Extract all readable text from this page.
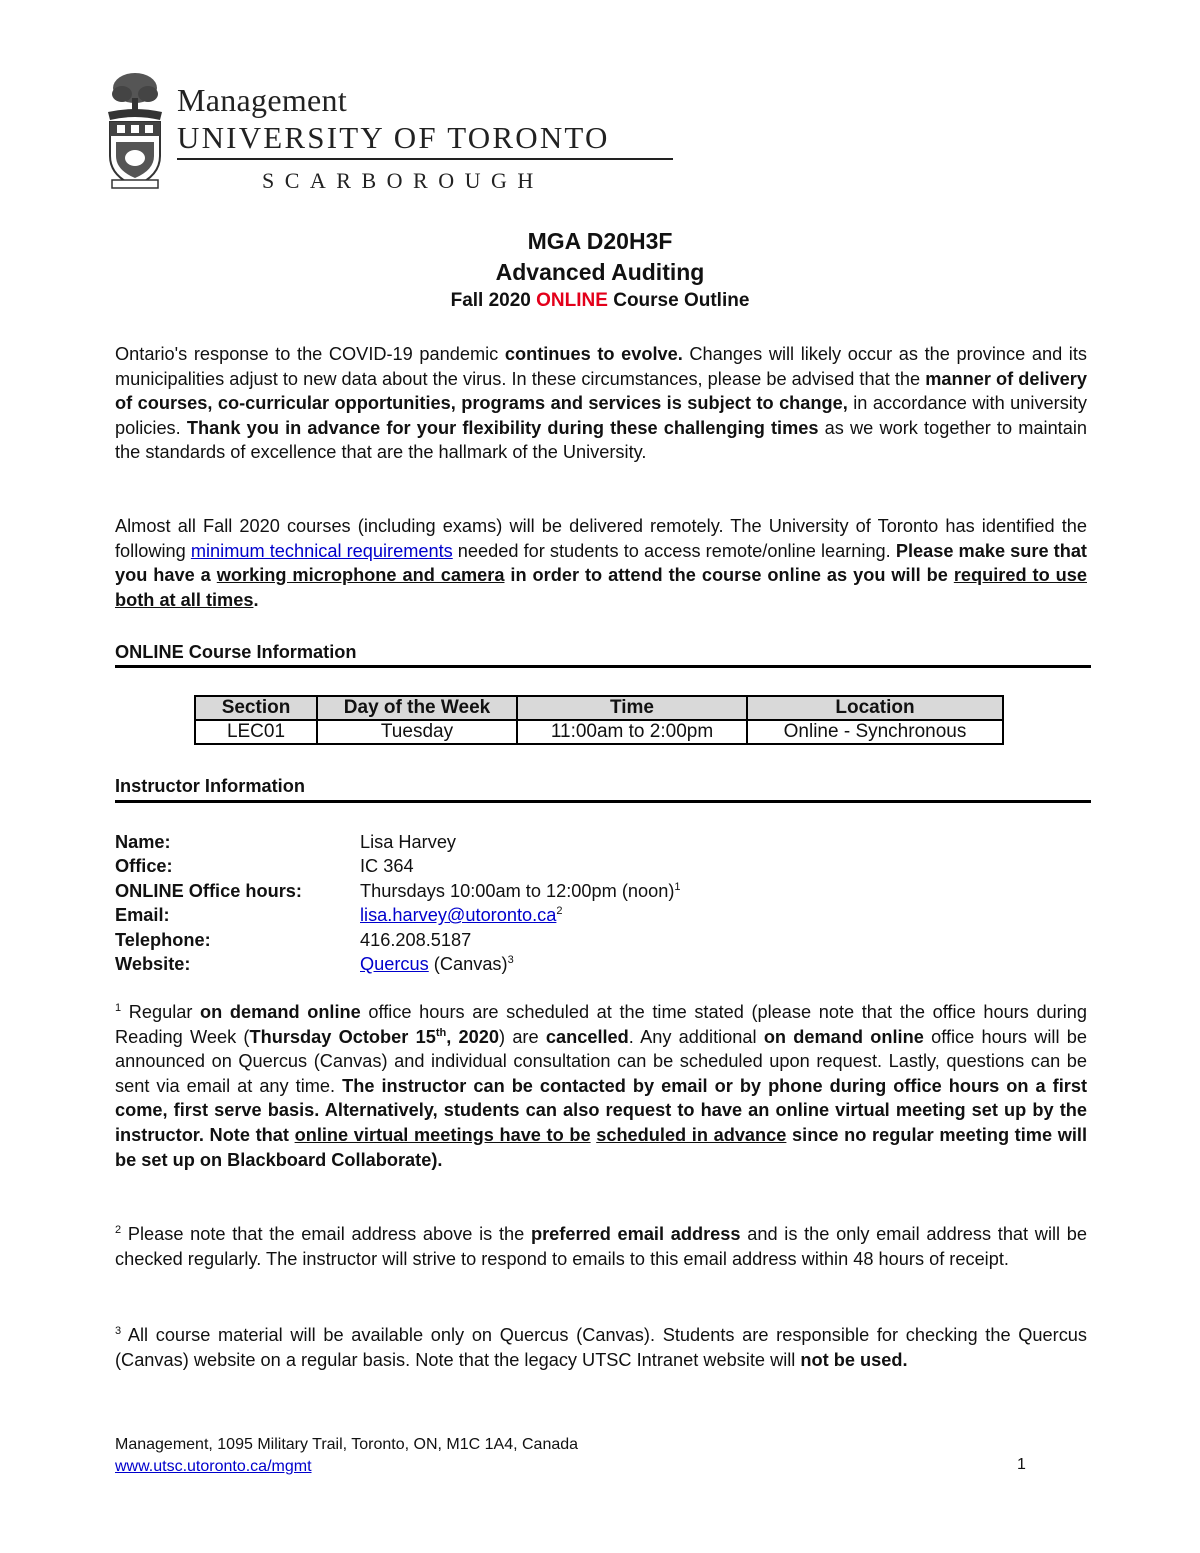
Management
UNIVERSITY OF TORONTO
SCARBOROUGH
MGA D20H3F
Advanced Auditing
Fall 2020 ONLINE Course Outline

Ontario's response to the COVID-19 pandemic continues to evolve. Changes will likely occur as the province and its municipalities adjust to new data about the virus. In these circumstances, please be advised that the manner of delivery of courses, co-curricular opportunities, programs and services is subject to change, in accordance with university policies. Thank you in advance for your flexibility during these challenging times as we work together to maintain the standards of excellence that are the hallmark of the University.

Almost all Fall 2020 courses (including exams) will be delivered remotely. The University of Toronto has identified the following minimum technical requirements needed for students to access remote/online learning. Please make sure that you have a working microphone and camera in order to attend the course online as you will be required to use both at all times.

ONLINE Course Information
Section	Day of the Week	Time	Location
LEC01	Tuesday	11:00am to 2:00pm	Online - Synchronous
Instructor Information
Name:	Lisa Harvey
Office:	IC 364
ONLINE Office hours:	Thursdays 10:00am to 12:00pm (noon)$^1$
Email:	$lisa.harvey@utoronto.ca^2$
Telephone:	416.208.5187
Website:	Quercus (Canvas)$^3$

$^1$ Regular on demand online office hours are scheduled at the time stated (please note that the office hours during Reading Week (Thursday October 15th, 2020) are cancelled. Any additional on demand online office hours will be announced on Quercus (Canvas) and individual consultation can be scheduled upon request. Lastly, questions can be sent via email at any time. The instructor can be contacted by email or by phone during office hours on a first come, first serve basis. Alternatively, students can also request to have an online virtual meeting set up by the instructor. Note that online virtual meetings have to be scheduled in advance since no regular meeting time will be set up on Blackboard Collaborate).

$^2$ Please note that the email address above is the preferred email address and is the only email address that will be checked regularly. The instructor will strive to respond to emails to this email address within 48 hours of receipt.

$^3$ All course material will be available only on Quercus (Canvas). Students are responsible for checking the Quercus (Canvas) website on a regular basis. Note that the legacy UTSC Intranet website will not be used.

Management, 1095 Military Trail, Toronto, ON, M1C 1A4, Canada
www.utsc.utoronto.ca/mgmt	1
